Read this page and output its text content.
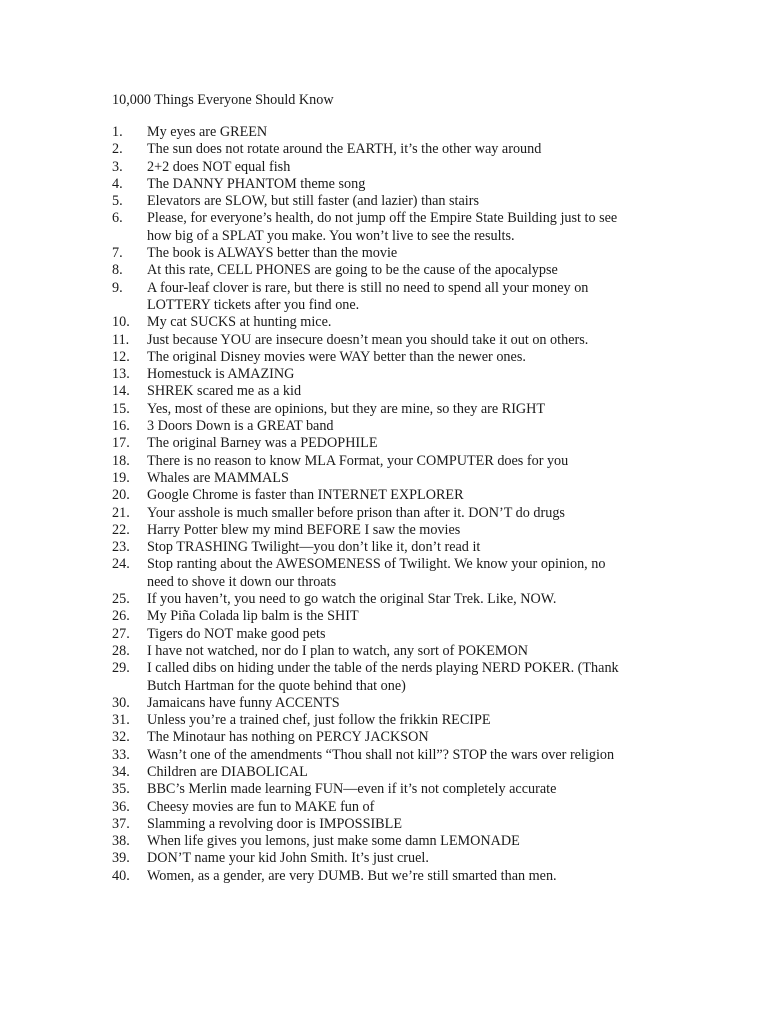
10,000 Things Everyone Should Know
1.	My eyes are GREEN
2.	The sun does not rotate around the EARTH, it’s the other way around
3.	2+2 does NOT equal fish
4.	The DANNY PHANTOM theme song
5.	Elevators are SLOW, but still faster (and lazier) than stairs
6.	Please, for everyone’s health, do not jump off the Empire State Building just to see
how big of a SPLAT you make. You won’t live to see the results.
7.	The book is ALWAYS better than the movie
8.	At this rate, CELL PHONES are going to be the cause of the apocalypse
9.	A four-leaf clover is rare, but there is still no need to spend all your money on
LOTTERY tickets after you find one.
10.	My cat SUCKS at hunting mice.
11.	Just because YOU are insecure doesn’t mean you should take it out on others.
12.	The original Disney movies were WAY better than the newer ones.
13.	Homestuck is AMAZING
14.	SHREK scared me as a kid
15.	Yes, most of these are opinions, but they are mine, so they are RIGHT
16.	3 Doors Down is a GREAT band
17.	The original Barney was a PEDOPHILE
18.	There is no reason to know MLA Format, your COMPUTER does for you
19.	Whales are MAMMALS
20.	Google Chrome is faster than INTERNET EXPLORER
21.	Your asshole is much smaller before prison than after it. DON’T do drugs
22.	Harry Potter blew my mind BEFORE I saw the movies
23.	Stop TRASHING Twilight—you don’t like it, don’t read it
24.	Stop ranting about the AWESOMENESS of Twilight. We know your opinion, no
need to shove it down our throats
25.	If you haven’t, you need to go watch the original Star Trek. Like, NOW.
26.	My Piña Colada lip balm is the SHIT
27.	Tigers do NOT make good pets
28.	I have not watched, nor do I plan to watch, any sort of POKEMON
29.	I called dibs on hiding under the table of the nerds playing NERD POKER. (Thank
Butch Hartman for the quote behind that one)
30.	Jamaicans have funny ACCENTS
31.	Unless you’re a trained chef, just follow the frikkin RECIPE
32.	The Minotaur has nothing on PERCY JACKSON
33.	Wasn’t one of the amendments “Thou shall not kill”? STOP the wars over religion
34.	Children are DIABOLICAL
35.	BBC’s Merlin made learning FUN—even if it’s not completely accurate
36.	Cheesy movies are fun to MAKE fun of
37.	Slamming a revolving door is IMPOSSIBLE
38.	When life gives you lemons, just make some damn LEMONADE
39.	DON’T name your kid John Smith. It’s just cruel.
40.	Women, as a gender, are very DUMB. But we’re still smarted than men.
